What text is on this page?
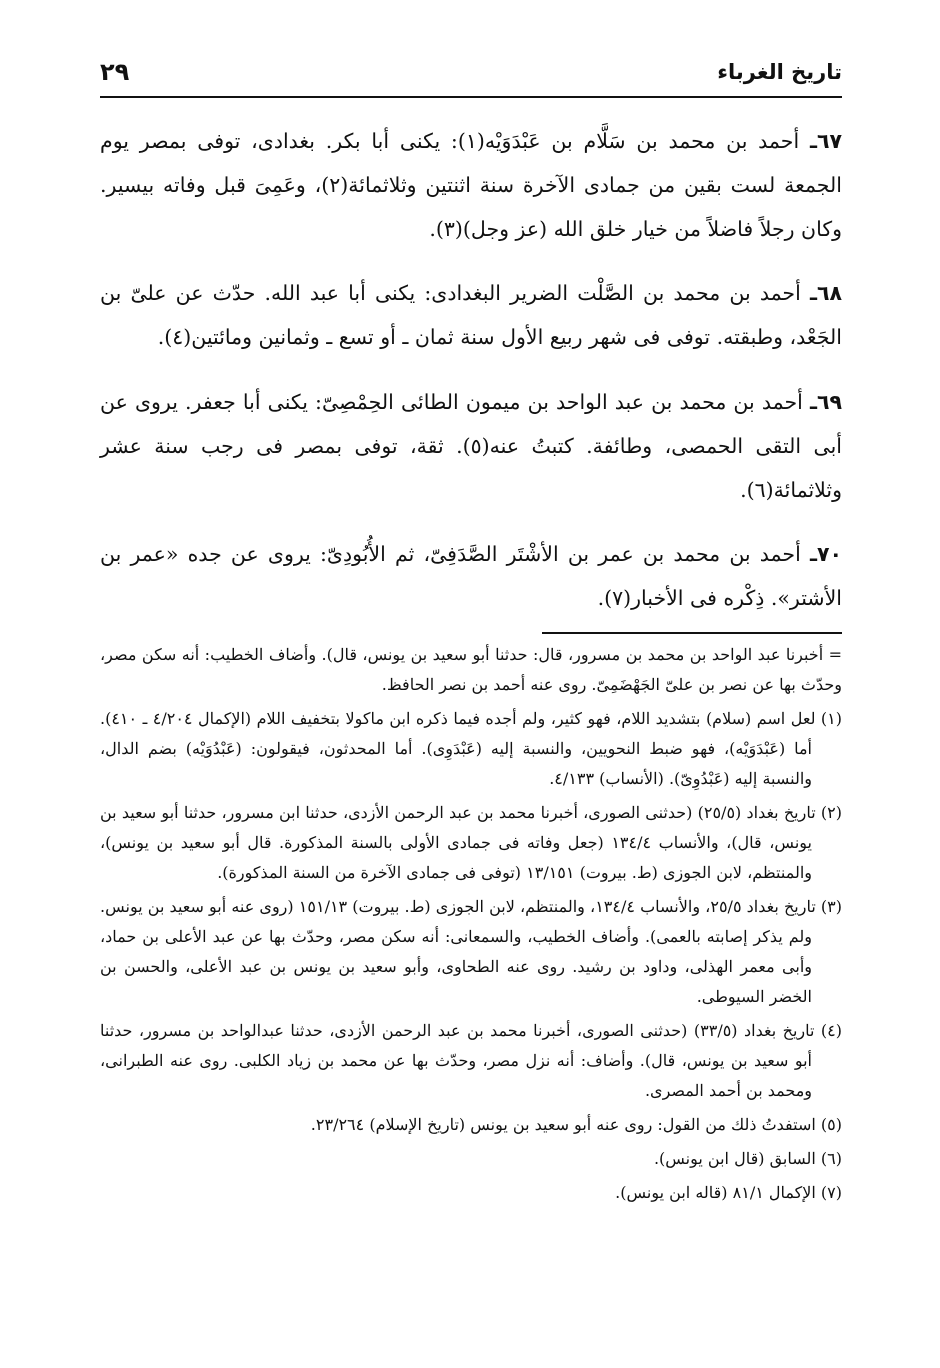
تاريخ الغرباء
٢٩

٦٧ـ أحمد بن محمد بن سَلَّام بن عَبْدَوَيْه(١): يكنى أبا بكر. بغدادى، توفى بمصر يوم الجمعة لست بقين من جمادى الآخرة سنة اثنتين وثلاثمائة(٢)، وعَمِىَ قبل وفاته بيسير. وكان رجلاً فاضلاً من خيار خلق الله (عز وجل)(٣).

٦٨ـ أحمد بن محمد بن الصَّلْت الضرير البغدادى: يكنى أبا عبد الله. حدّث عن علىّ بن الجَعْد، وطبقته. توفى فى شهر ربيع الأول سنة ثمان ـ أو تسع ـ وثمانين ومائتين(٤).

٦٩ـ أحمد بن محمد بن عبد الواحد بن ميمون الطائى الحِمْصِىّ: يكنى أبا جعفر. يروى عن أبى التقى الحمصى، وطائفة. كتبتُ عنه(٥). ثقة، توفى بمصر فى رجب سنة عشر وثلاثمائة(٦).

٧٠ـ أحمد بن محمد بن عمر بن الأشْتَر الصَّدَفِىّ، ثم الأُبُودِىّ: يروى عن جده «عمر بن الأشتر». ذِكْره فى الأخبار(٧).

= أخبرنا عبد الواحد بن محمد بن مسرور، قال: حدثنا أبو سعيد بن يونس، قال). وأضاف الخطيب: أنه سكن مصر، وحدّث بها عن نصر بن علىّ الجَهْضَمِىّ. روى عنه أحمد بن نصر الحافظ.

(١) لعل اسم (سلام) بتشديد اللام، فهو كثير، ولم أجده فيما ذكره ابن ماكولا بتخفيف اللام (الإكمال ٤/٢٠٤ ـ ٤١٠). أما (عَبْدَوَيْه)، فهو ضبط النحويين، والنسبة إليه (عَبْدَوِى). أما المحدثون، فيقولون: (عَبْدُوَيْه) بضم الدال، والنسبة إليه (عَبْدُوِىّ). (الأنساب) ٤/١٣٣.

(٢) تاريخ بغداد (٢٥/٥) (حدثنى الصورى، أخبرنا محمد بن عبد الرحمن الأزدى، حدثنا ابن مسرور، حدثنا أبو سعيد بن يونس، قال)، والأنساب ١٣٤/٤ (جعل وفاته فى جمادى الأولى بالسنة المذكورة. قال أبو سعيد بن يونس)، والمنتظم، لابن الجوزى (ط. بيروت) ١٣/١٥١ (توفى فى جمادى الآخرة من السنة المذكورة).

(٣) تاريخ بغداد ٢٥/٥، والأنساب ١٣٤/٤، والمنتظم، لابن الجوزى (ط. بيروت) ١٥١/١٣ (روى عنه أبو سعيد بن يونس. ولم يذكر إصابته بالعمى). وأضاف الخطيب، والسمعانى: أنه سكن مصر، وحدّث بها عن عبد الأعلى بن حماد، وأبى معمر الهذلى، وداود بن رشيد. روى عنه الطحاوى، وأبو سعيد بن يونس بن عبد الأعلى، والحسن بن الخضر السيوطى.

(٤) تاريخ بغداد (٣٣/٥) (حدثنى الصورى، أخبرنا محمد بن عبد الرحمن الأزدى، حدثنا عبدالواحد بن مسرور، حدثنا أبو سعيد بن يونس، قال). وأضاف: أنه نزل مصر، وحدّث بها عن محمد بن زياد الكلبى. روى عنه الطبرانى، ومحمد بن أحمد المصرى.

(٥) استفدتُ ذلك من القول: روى عنه أبو سعيد بن يونس (تاريخ الإسلام) ٢٣/٢٦٤.

(٦) السابق (قال ابن يونس).

(٧) الإكمال ٨١/١ (قاله ابن يونس).
